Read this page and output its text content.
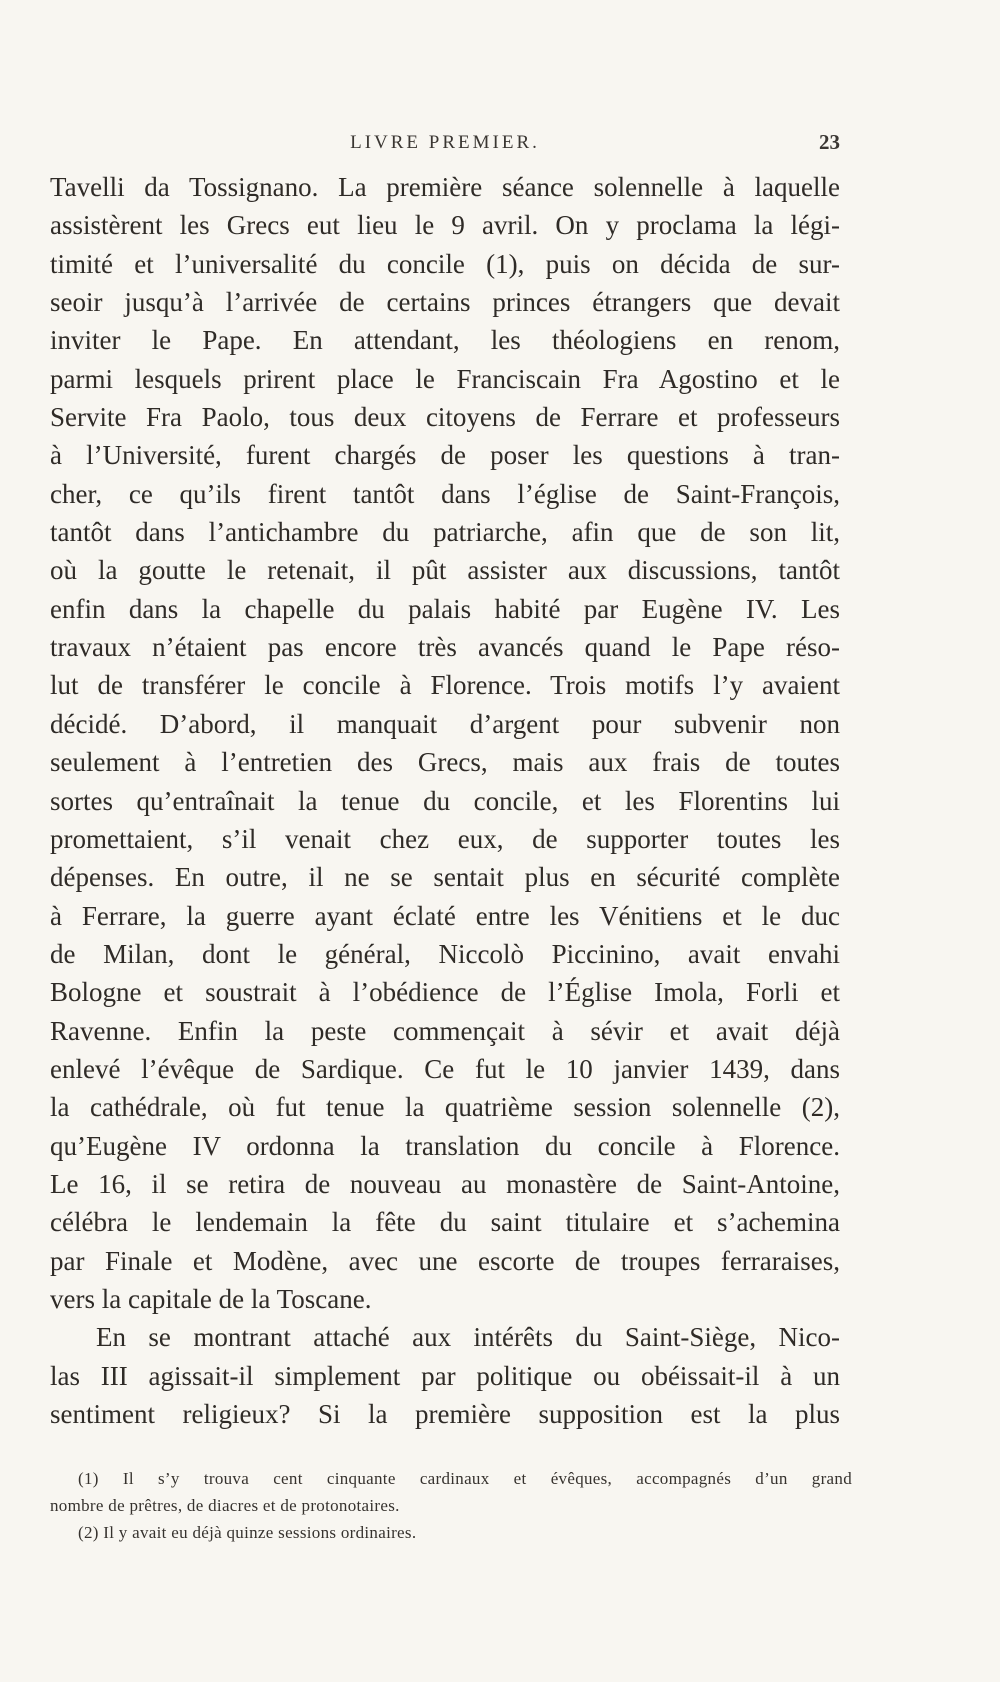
LIVRE PREMIER.	23
Tavelli da Tossignano. La première séance solennelle à laquelle
assistèrent les Grecs eut lieu le 9 avril. On y proclama la légi-
timité et l’universalité du concile (1), puis on décida de sur-
seoir jusqu’à l’arrivée de certains princes étrangers que devait
inviter le Pape. En attendant, les théologiens en renom,
parmi lesquels prirent place le Franciscain Fra Agostino et le
Servite Fra Paolo, tous deux citoyens de Ferrare et professeurs
à l’Université, furent chargés de poser les questions à tran-
cher, ce qu’ils firent tantôt dans l’église de Saint-François,
tantôt dans l’antichambre du patriarche, afin que de son lit,
où la goutte le retenait, il pût assister aux discussions, tantôt
enfin dans la chapelle du palais habité par Eugène IV. Les
travaux n’étaient pas encore très avancés quand le Pape réso-
lut de transférer le concile à Florence. Trois motifs l’y avaient
décidé. D’abord, il manquait d’argent pour subvenir non
seulement à l’entretien des Grecs, mais aux frais de toutes
sortes qu’entraînait la tenue du concile, et les Florentins lui
promettaient, s’il venait chez eux, de supporter toutes les
dépenses. En outre, il ne se sentait plus en sécurité complète
à Ferrare, la guerre ayant éclaté entre les Vénitiens et le duc
de Milan, dont le général, Niccolò Piccinino, avait envahi
Bologne et soustrait à l’obédience de l’Église Imola, Forli et
Ravenne. Enfin la peste commençait à sévir et avait déjà
enlevé l’évêque de Sardique. Ce fut le 10 janvier 1439, dans
la cathédrale, où fut tenue la quatrième session solennelle (2),
qu’Eugène IV ordonna la translation du concile à Florence.
Le 16, il se retira de nouveau au monastère de Saint-Antoine,
célébra le lendemain la fête du saint titulaire et s’achemina
par Finale et Modène, avec une escorte de troupes ferraraises,
vers la capitale de la Toscane.
En se montrant attaché aux intérêts du Saint-Siège, Nico-
las III agissait-il simplement par politique ou obéissait-il à un
sentiment religieux? Si la première supposition est la plus
(1) Il s’y trouva cent cinquante cardinaux et évêques, accompagnés d’un grand
nombre de prêtres, de diacres et de protonotaires.
(2) Il y avait eu déjà quinze sessions ordinaires.
